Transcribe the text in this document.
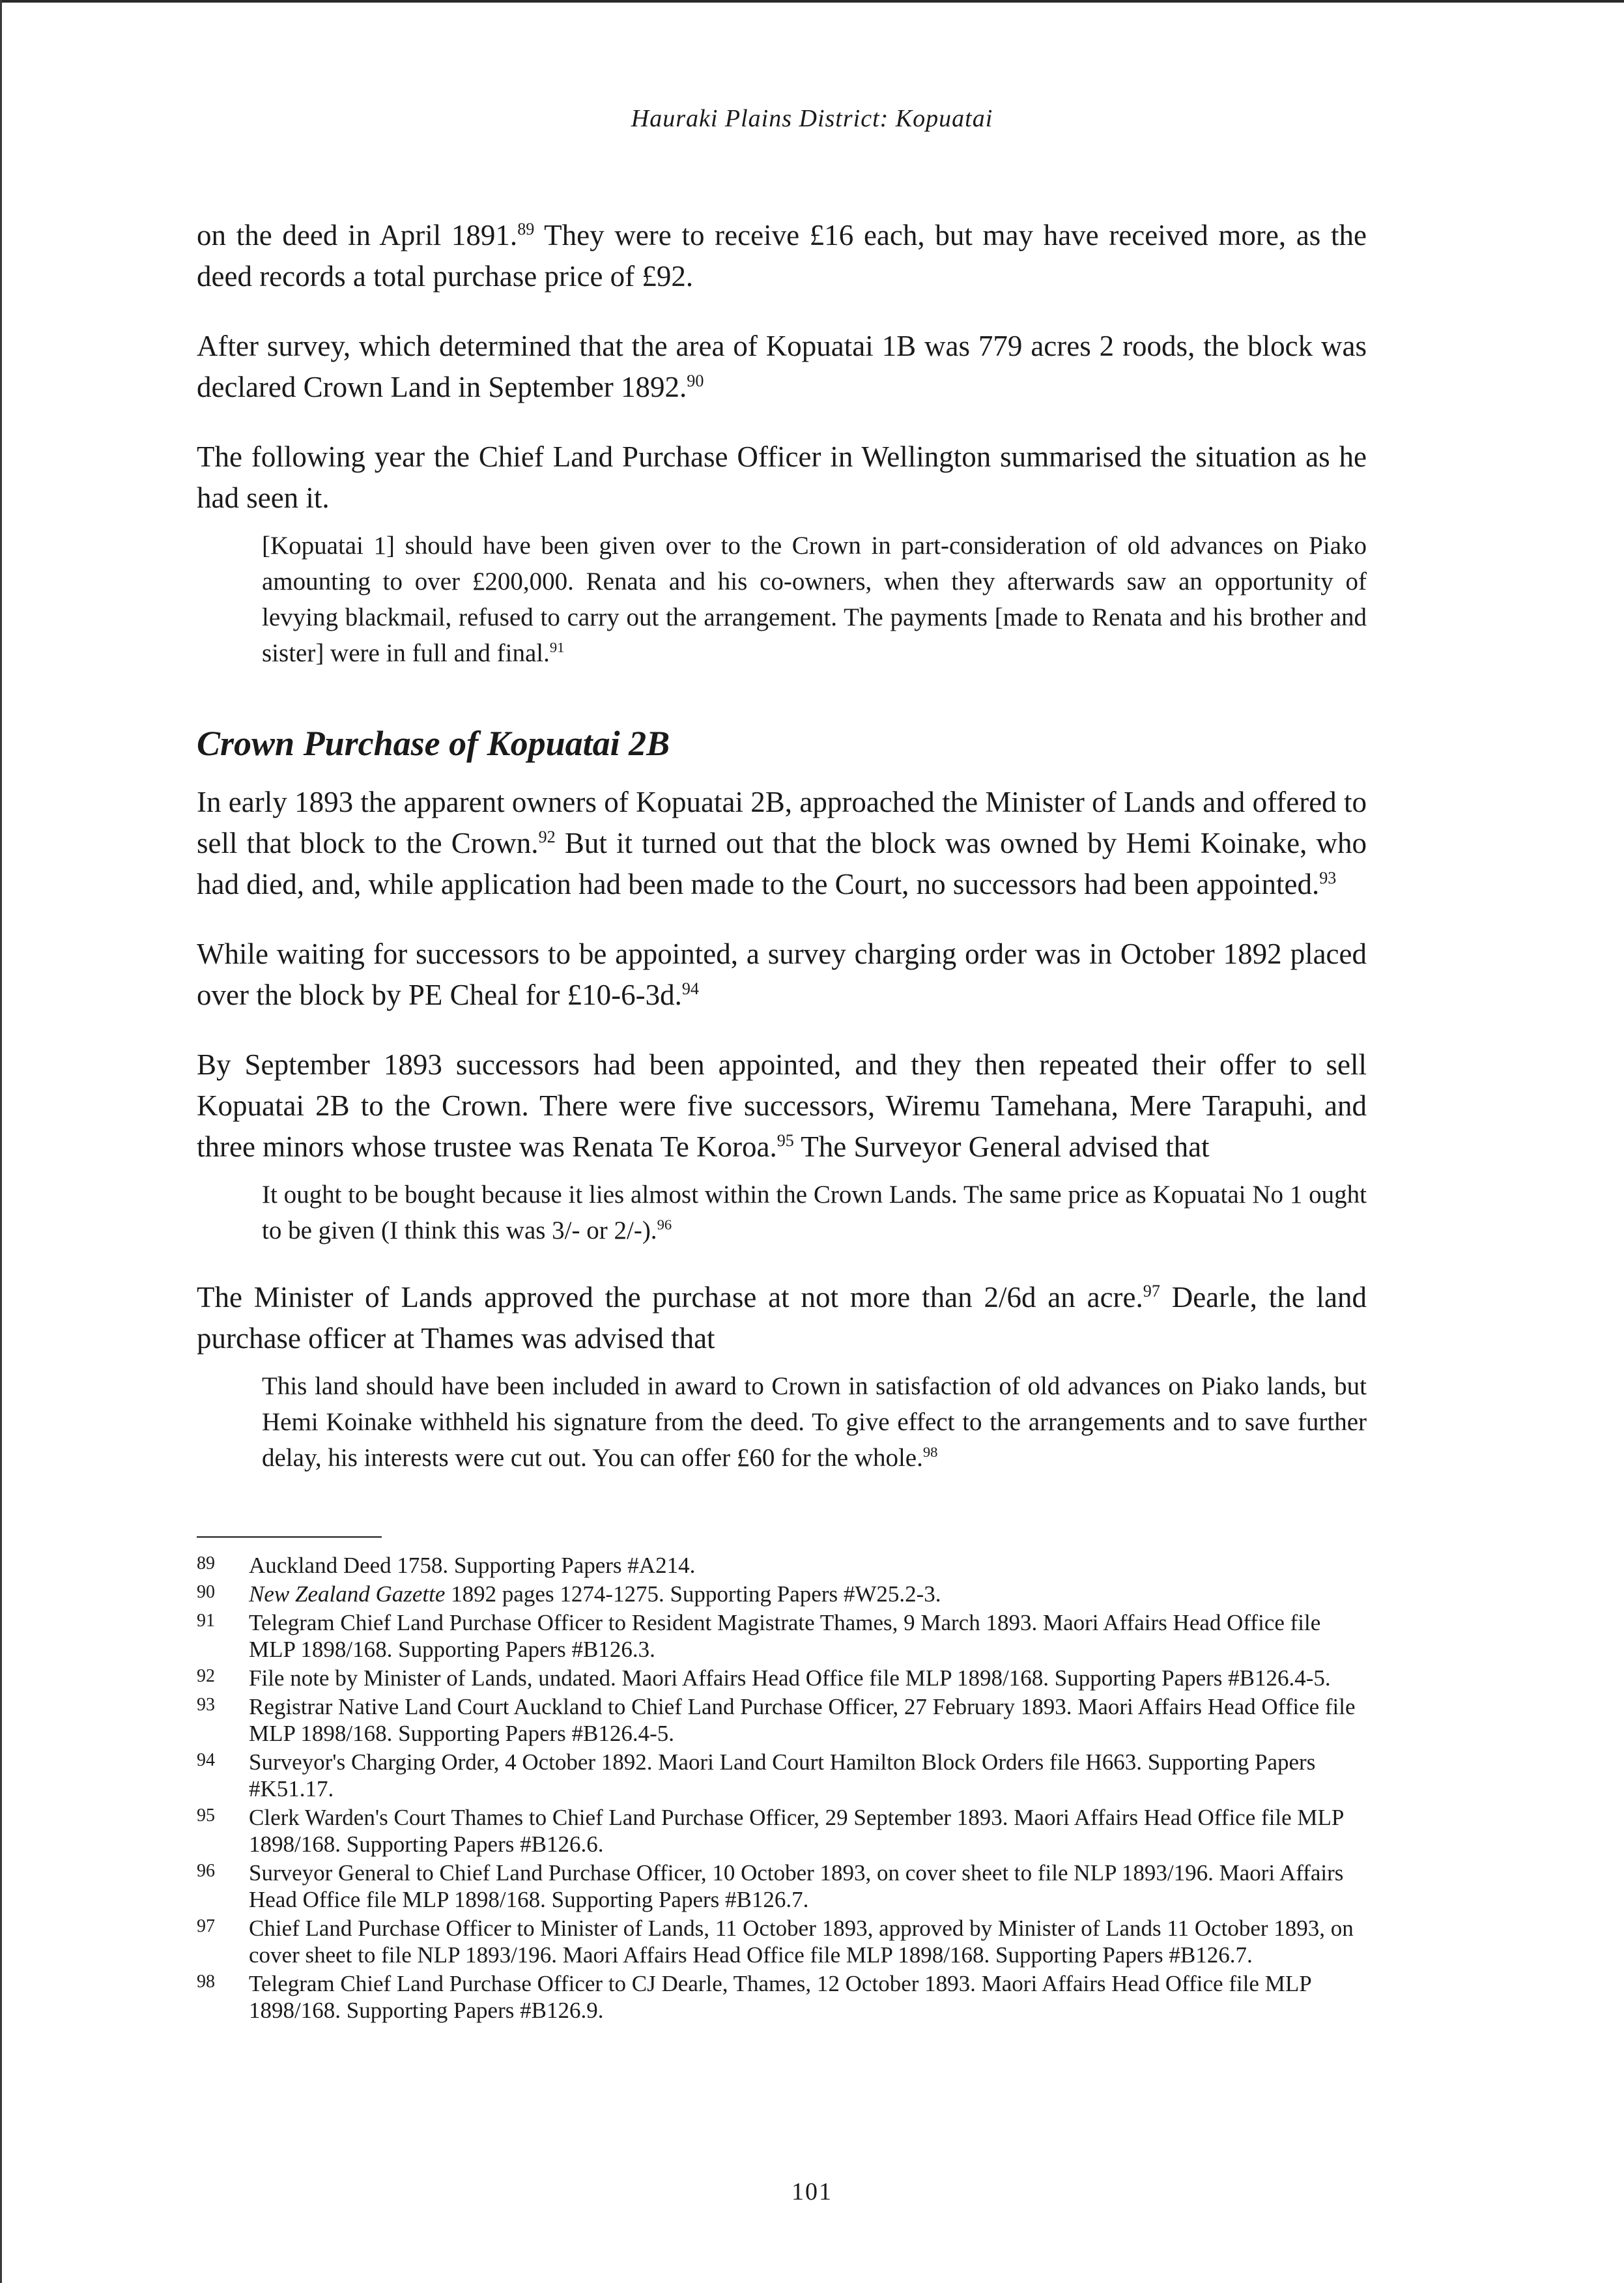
Hauraki Plains District: Kopuatai

on the deed in April 1891.89 They were to receive £16 each, but may have received more, as the deed records a total purchase price of £92.

After survey, which determined that the area of Kopuatai 1B was 779 acres 2 roods, the block was declared Crown Land in September 1892.90

The following year the Chief Land Purchase Officer in Wellington summarised the situation as he had seen it.

[Kopuatai 1] should have been given over to the Crown in part-consideration of old advances on Piako amounting to over £200,000. Renata and his co-owners, when they afterwards saw an opportunity of levying blackmail, refused to carry out the arrangement. The payments [made to Renata and his brother and sister] were in full and final.$^{91}$

Crown Purchase of Kopuatai 2B

In early 1893 the apparent owners of Kopuatai 2B, approached the Minister of Lands and offered to sell that block to the Crown.$^{92}$ But it turned out that the block was owned by Hemi Koinake, who had died, and, while application had been made to the Court, no successors had been appointed.$^{93}$

While waiting for successors to be appointed, a survey charging order was in October 1892 placed over the block by PE Cheal for £10-6-3d.$^{94}$

By September 1893 successors had been appointed, and they then repeated their offer to sell Kopuatai 2B to the Crown. There were five successors, Wiremu Tamehana, Mere Tarapuhi, and three minors whose trustee was Renata Te Koroa.$^{95}$ The Surveyor General advised that

It ought to be bought because it lies almost within the Crown Lands. The same price as Kopuatai No 1 ought to be given (I think this was 3/- or 2/-).$^{96}$

The Minister of Lands approved the purchase at not more than 2/6d an acre.$^{97}$ Dearle, the land purchase officer at Thames was advised that

This land should have been included in award to Crown in satisfaction of old advances on Piako lands, but Hemi Koinake withheld his signature from the deed. To give effect to the arrangements and to save further delay, his interests were cut out. You can offer £60 for the whole.$^{98}$

89	Auckland Deed 1758. Supporting Papers #A214.
90	New Zealand Gazette 1892 pages 1274-1275. Supporting Papers #W25.2-3.
91	Telegram Chief Land Purchase Officer to Resident Magistrate Thames, 9 March 1893. Maori Affairs Head Office file MLP 1898/168. Supporting Papers #B126.3.
92	File note by Minister of Lands, undated. Maori Affairs Head Office file MLP 1898/168. Supporting Papers #B126.4-5.
93	Registrar Native Land Court Auckland to Chief Land Purchase Officer, 27 February 1893. Maori Affairs Head Office file MLP 1898/168. Supporting Papers #B126.4-5.
94	Surveyor's Charging Order, 4 October 1892. Maori Land Court Hamilton Block Orders file H663. Supporting Papers #K51.17.
95	Clerk Warden's Court Thames to Chief Land Purchase Officer, 29 September 1893. Maori Affairs Head Office file MLP 1898/168. Supporting Papers #B126.6.
96	Surveyor General to Chief Land Purchase Officer, 10 October 1893, on cover sheet to file NLP 1893/196. Maori Affairs Head Office file MLP 1898/168. Supporting Papers #B126.7.
97	Chief Land Purchase Officer to Minister of Lands, 11 October 1893, approved by Minister of Lands 11 October 1893, on cover sheet to file NLP 1893/196. Maori Affairs Head Office file MLP 1898/168. Supporting Papers #B126.7.
98	Telegram Chief Land Purchase Officer to CJ Dearle, Thames, 12 October 1893. Maori Affairs Head Office file MLP 1898/168. Supporting Papers #B126.9.
101
